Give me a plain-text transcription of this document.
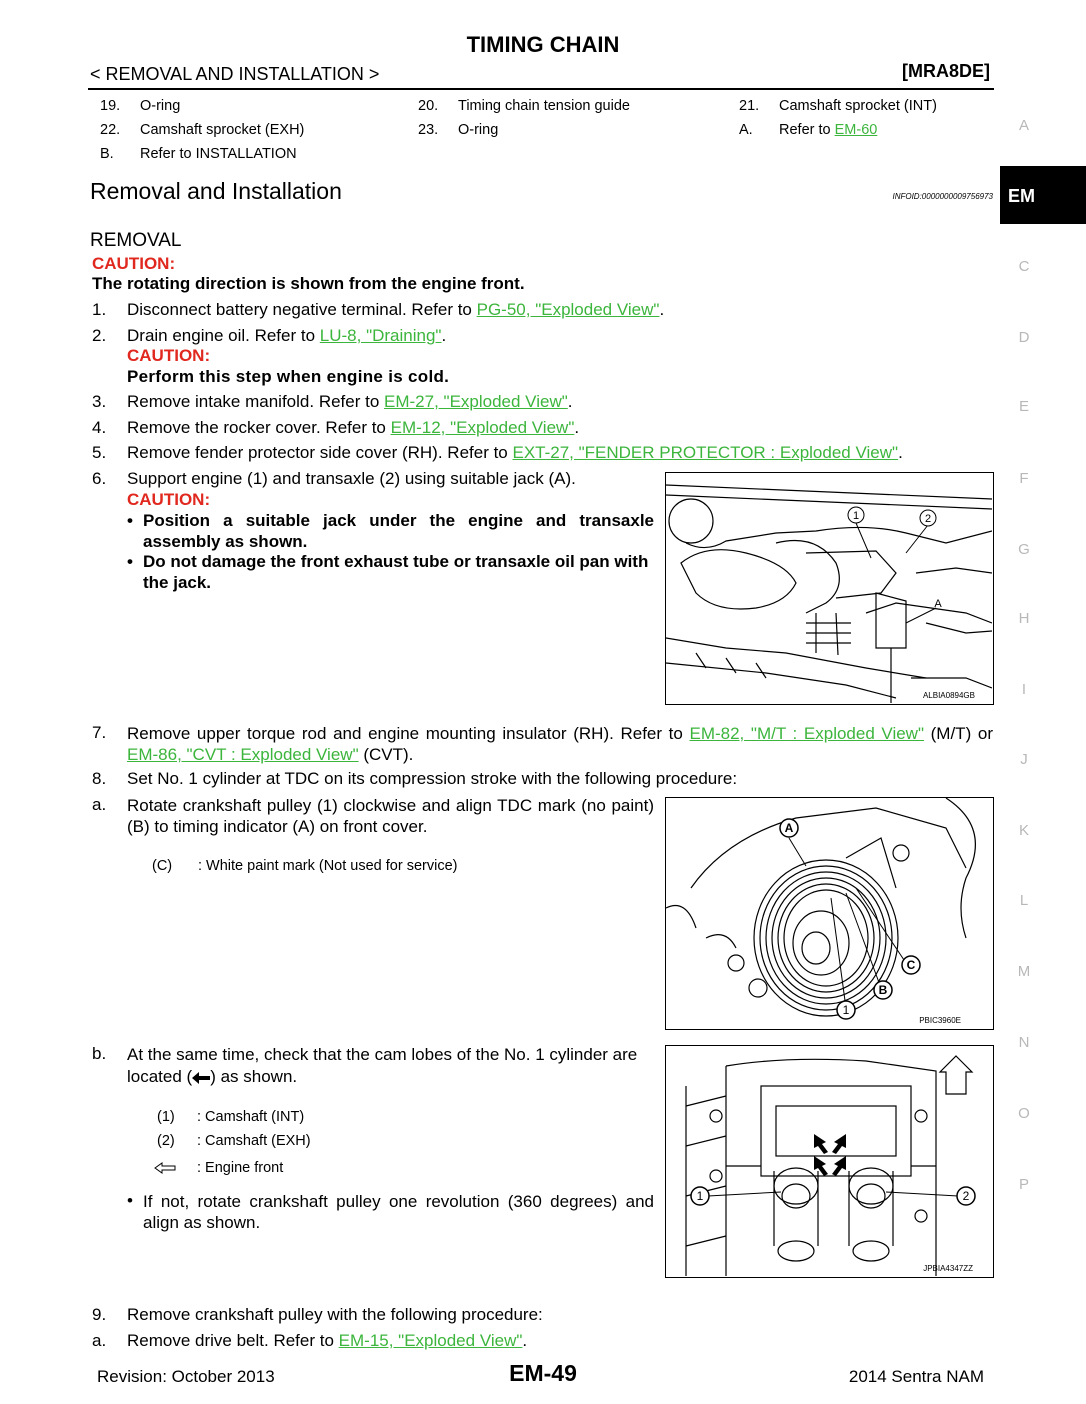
TIMING CHAIN
< REMOVAL AND INSTALLATION >	[MRA8DE]
19. O-ring	20. Timing chain tension guide	21. Camshaft sprocket (INT)
22. Camshaft sprocket (EXH)	23. O-ring	A. Refer to EM-60
B. Refer to INSTALLATION
Removal and Installation	INFOID:0000000009756973 EM
A
C
D
E
F
G
H
I
J
K
L
M
N
O
P
REMOVAL
CAUTION:
The rotating direction is shown from the engine front.
1. Disconnect battery negative terminal. Refer to PG-50, "Exploded View".
2. Drain engine oil. Refer to LU-8, "Draining".
CAUTION:
Perform this step when engine is cold.
3. Remove intake manifold. Refer to EM-27, "Exploded View".
4. Remove the rocker cover. Refer to EM-12, "Exploded View".
5. Remove fender protector side cover (RH). Refer to EXT-27, "FENDER PROTECTOR : Exploded View".
6. Support engine (1) and transaxle (2) using suitable jack (A).
CAUTION:
• Position a suitable jack under the engine and transaxle assembly as shown.
• Do not damage the front exhaust tube or transaxle oil pan with the jack.
1	2
A
ALBIA0894GB
7. Remove upper torque rod and engine mounting insulator (RH). Refer to EM-82, "M/T : Exploded View" (M/T) or EM-86, "CVT : Exploded View" (CVT).
8. Set No. 1 cylinder at TDC on its compression stroke with the following procedure:
a. Rotate crankshaft pulley (1) clockwise and align TDC mark (no paint) (B) to timing indicator (A) on front cover.
(C) : White paint mark (Not used for service)
A
C
B
1
PBIC3960E
b. At the same time, check that the cam lobes of the No. 1 cylinder are located ( ) as shown.
(1) : Camshaft (INT)
(2) : Camshaft (EXH)
: Engine front
• If not, rotate crankshaft pulley one revolution (360 degrees) and align as shown.
1	2
JPBIA4347ZZ
9. Remove crankshaft pulley with the following procedure:
a. Remove drive belt. Refer to EM-15, "Exploded View".
Revision: October 2013	EM-49	2014 Sentra NAM
